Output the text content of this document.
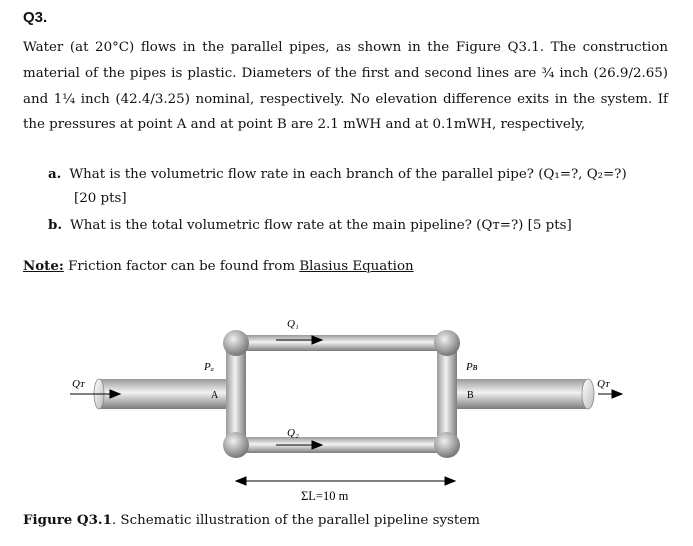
Q3.
Water (at 20°C) flows in the parallel pipes, as shown in the Figure Q3.1. The construction material of the pipes is plastic. Diameters of the first and second lines are ¾ inch (26.9/2.65) and 1¼ inch (42.4/3.25) nominal, respectively. No elevation difference exits in the system. If the pressures at point A and at point B are 2.1 mWH and at 0.1mWH, respectively,
a. What is the volumetric flow rate in each branch of the parallel pipe? (Q₁=?, Q₂=?)
[20 pts]
b. What is the total volumetric flow rate at the main pipeline? (Qᴛ=?) [5 pts]
Note: Friction factor can be found from Blasius Equation
Q₁
Q₂
Qᴛ	Qᴛ
Pₐ	Pʙ
A	B
ΣL=10 m
Figure Q3.1. Schematic illustration of the parallel pipeline system
